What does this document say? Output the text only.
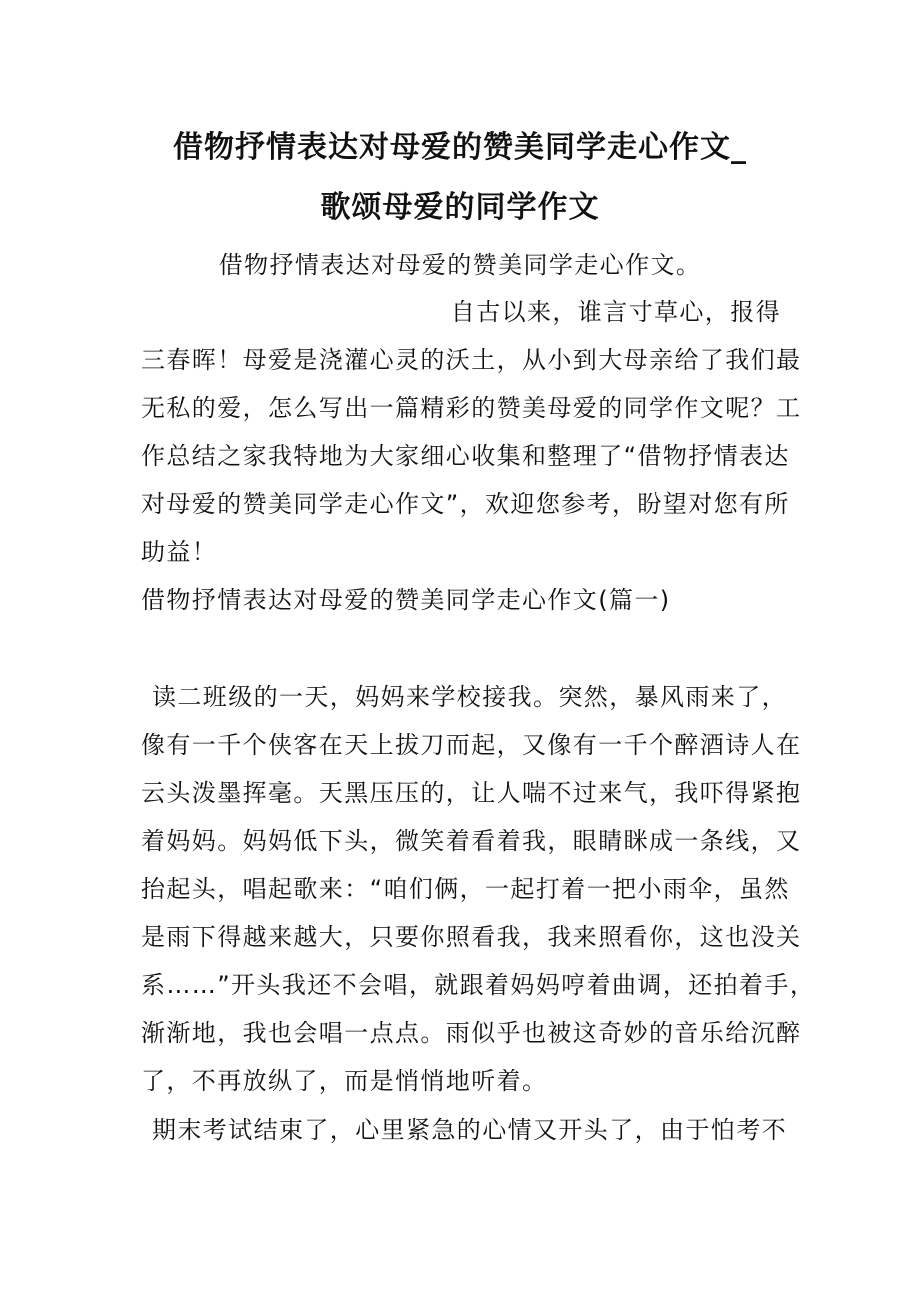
借物抒情表达对母爱的赞美同学走心作文_
歌颂母爱的同学作文
借物抒情表达对母爱的赞美同学走心作文。
自古以来，谁言寸草心，报得
三春晖！母爱是浇灌心灵的沃土，从小到大母亲给了我们最
无私的爱，怎么写出一篇精彩的赞美母爱的同学作文呢？工
作总结之家我特地为大家细心收集和整理了“借物抒情表达
对母爱的赞美同学走心作文”，欢迎您参考，盼望对您有所
助益！
借物抒情表达对母爱的赞美同学走心作文(篇一)
读二班级的一天，妈妈来学校接我。突然，暴风雨来了，
像有一千个侠客在天上拔刀而起，又像有一千个醉酒诗人在
云头泼墨挥毫。天黑压压的，让人喘不过来气，我吓得紧抱
着妈妈。妈妈低下头，微笑着看着我，眼睛眯成一条线，又
抬起头，唱起歌来：“咱们俩，一起打着一把小雨伞，虽然
是雨下得越来越大，只要你照看我，我来照看你，这也没关
系……”开头我还不会唱，就跟着妈妈哼着曲调，还拍着手，
渐渐地，我也会唱一点点。雨似乎也被这奇妙的音乐给沉醉
了，不再放纵了，而是悄悄地听着。
期末考试结束了，心里紧急的心情又开头了，由于怕考不
